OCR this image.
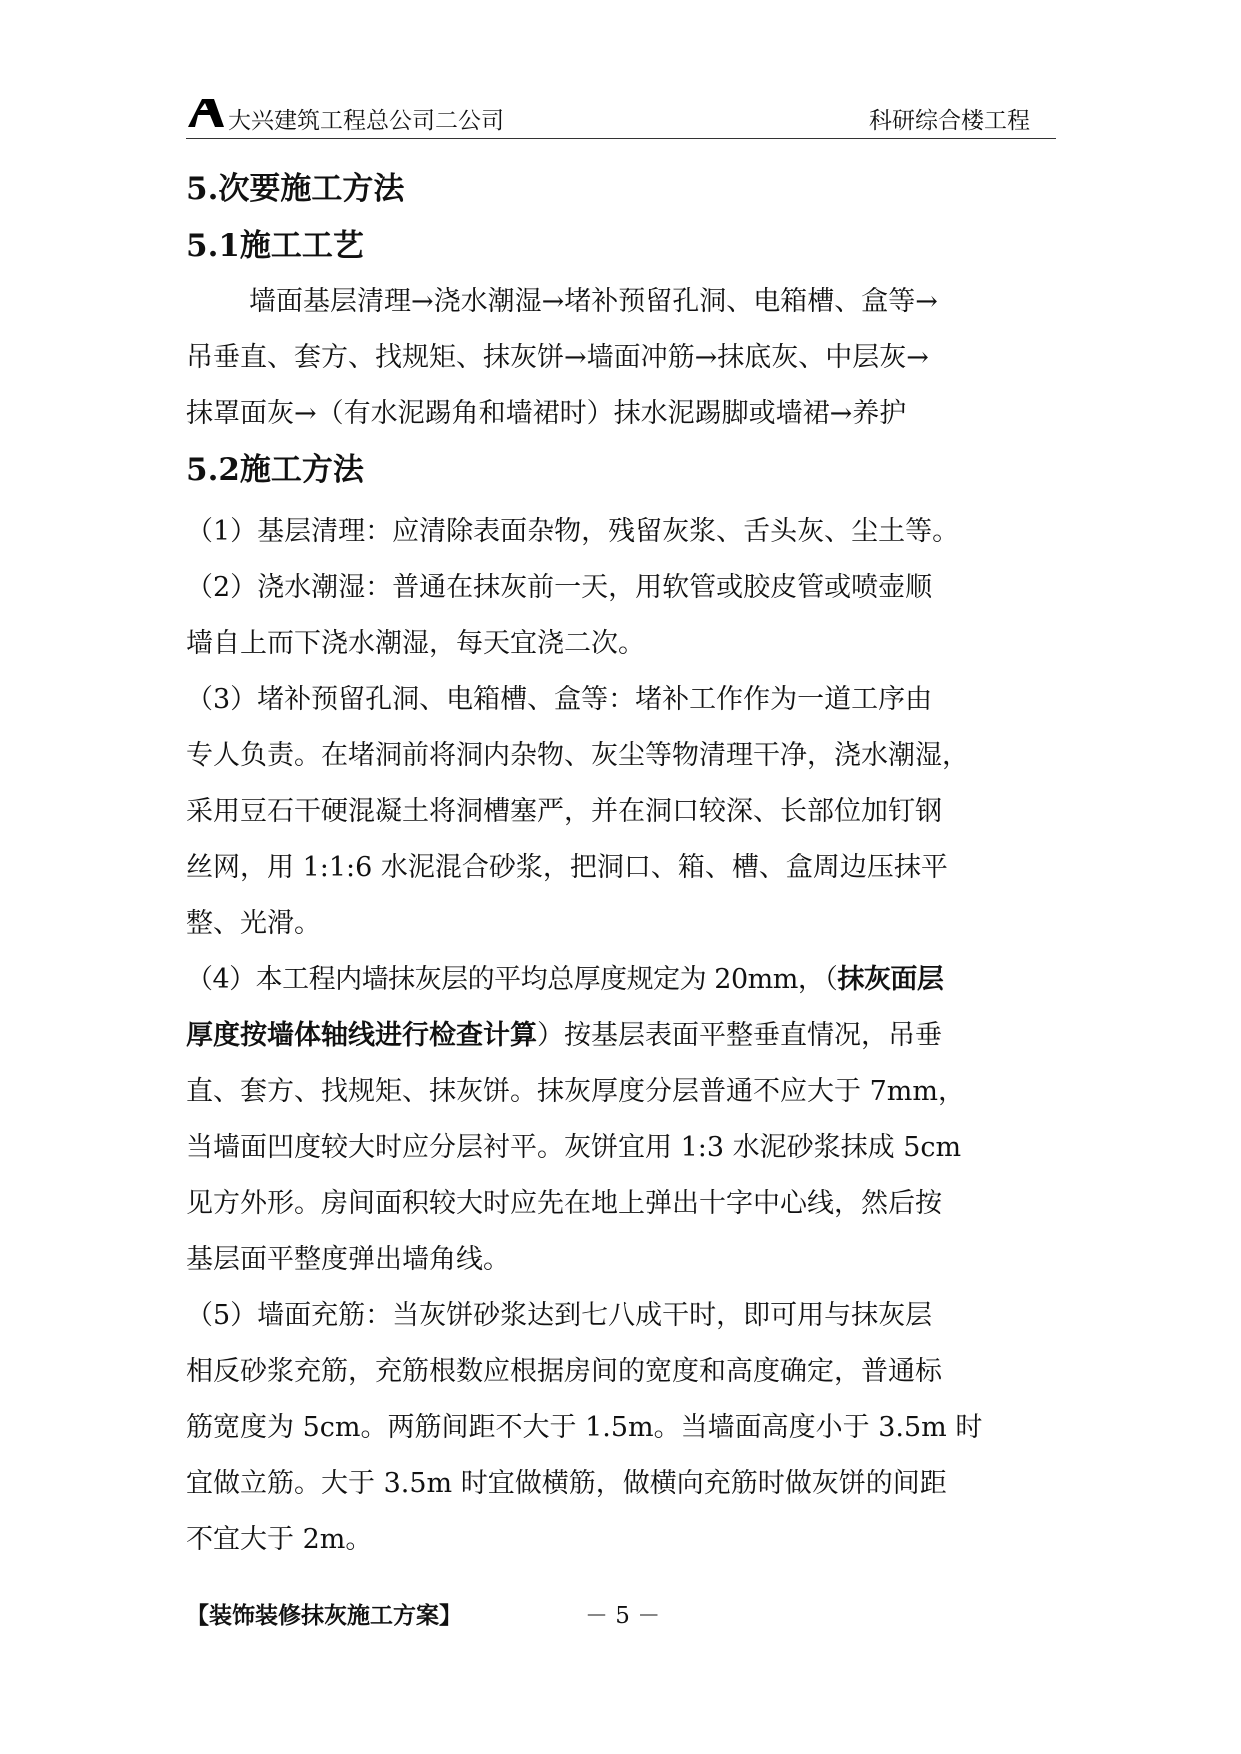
大兴建筑工程总公司二公司	科研综合楼工程
5.次要施工方法
5.1施工工艺

墙面基层清理→浇水潮湿→堵补预留孔洞、电箱槽、盒等→

吊垂直、套方、找规矩、抹灰饼→墙面冲筋→抹底灰、中层灰→

抹罩面灰→（有水泥踢角和墙裙时）抹水泥踢脚或墙裙→养护

5.2施工方法

（1）基层清理：应清除表面杂物，残留灰浆、舌头灰、尘土等。

（2）浇水潮湿：普通在抹灰前一天，用软管或胶皮管或喷壶顺

墙自上而下浇水潮湿，每天宜浇二次。

（3）堵补预留孔洞、电箱槽、盒等：堵补工作作为一道工序由

专人负责。在堵洞前将洞内杂物、灰尘等物清理干净，浇水潮湿，

采用豆石干硬混凝土将洞槽塞严，并在洞口较深、长部位加钉钢

丝网，用 1:1:6 水泥混合砂浆，把洞口、箱、槽、盒周边压抹平

整、光滑。

（4）本工程内墙抹灰层的平均总厚度规定为 20mm，（抹灰面层

厚度按墙体轴线进行检查计算）按基层表面平整垂直情况，吊垂

直、套方、找规矩、抹灰饼。抹灰厚度分层普通不应大于 7mm，

当墙面凹度较大时应分层衬平。灰饼宜用 1:3 水泥砂浆抹成 5cm

见方外形。房间面积较大时应先在地上弹出十字中心线，然后按

基层面平整度弹出墙角线。

（5）墙面充筋：当灰饼砂浆达到七八成干时，即可用与抹灰层

相反砂浆充筋，充筋根数应根据房间的宽度和高度确定，普通标

筋宽度为 5cm。两筋间距不大于 1.5m。当墙面高度小于 3.5m 时

宜做立筋。大于 3.5m 时宜做横筋，做横向充筋时做灰饼的间距

不宜大于 2m。

【装饰装修抹灰施工方案】	－ 5 －
